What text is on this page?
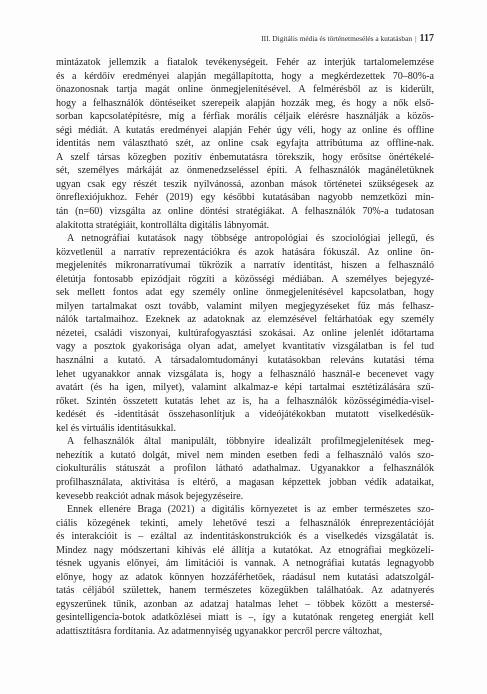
III. Digitális média és történetmesélés a kutatásban | 117
mintázatok jellemzik a fiatalok tevékenységeit. Fehér az interjúk tartalomelemzése
és a kérdőív eredményei alapján megállapította, hogy a megkérdezettek 70–80%-a
önazonosnak tartja magát online önmegjelenítésével. A felmérésből az is kiderült,
hogy a felhasználók döntéseiket szerepeik alapján hozzák meg, és hogy a nők első-
sorban kapcsolatépítésre, míg a férfiak morális céljaik elérésre használják a közös-
ségi médiát. A kutatás eredményei alapján Fehér úgy véli, hogy az online és offline
identitás nem választható szét, az online csak egyfajta attribútuma az offline-nak.
A szelf társas közegben pozitív énbemutatásra törekszik, hogy erősítse önértékelé-
sét, személyes márkáját az önmenedzseléssel építi. A felhasználók magánéletüknek
ugyan csak egy részét teszik nyilvánossá, azonban mások történetei szükségesek az
önreflexiójukhoz. Fehér (2019) egy későbbi kutatásában nagyobb nemzetközi min-
tán (n=60) vizsgálta az online döntési stratégiákat. A felhasználók 70%-a tudatosan
alakította stratégiáit, kontrollálta digitális lábnyomát.
A netnográfiai kutatások nagy többsége antropológiai és szociológiai jellegű, és
közvetlenül a narratív reprezentációkra és azok hatására fókuszál. Az online ön-
megjelenítés mikronarratívumai tükrözik a narratív identitást, hiszen a felhasználó
életútja fontosabb epizódjait rögzíti a közösségi médiában. A személyes bejegyzé-
sek mellett fontos adat egy személy online önmegjelenítésével kapcsolatban, hogy
milyen tartalmakat oszt tovább, valamint milyen megjegyzéseket fűz más felhasz-
nálók tartalmaihoz. Ezeknek az adatoknak az elemzésével feltárhatóak egy személy
nézetei, családi viszonyai, kultúrafogyasztási szokásai. Az online jelenlét időtartama
vagy a posztok gyakorisága olyan adat, amelyet kvantitatív vizsgálatban is fel tud
használni a kutató. A társadalomtudományi kutatásokban releváns kutatási téma
lehet ugyanakkor annak vizsgálata is, hogy a felhasználó használ-e becenevet vagy
avatárt (és ha igen, milyet), valamint alkalmaz-e képi tartalmai esztétizálására szű-
rőket. Szintén összetett kutatás lehet az is, ha a felhasználók közösségimédia-visel-
kedését és -identitását összehasonlítjuk a videójátékokban mutatott viselkedésük-
kel és virtuális identitásukkal.
A felhasználók által manipulált, többnyire idealizált profilmegjelenítések meg-
nehezítik a kutató dolgát, mivel nem minden esetben fedi a felhasználó valós szo-
ciokulturális státuszát a profilon látható adathalmaz. Ugyanakkor a felhasználók
profilhasználata, aktivitása is eltérő, a magasan képzettek jobban védik adataikat,
kevesebb reakciót adnak mások bejegyzéseire.
Ennek ellenére Braga (2021) a digitális környezetet is az ember természetes szo-
ciális közegének tekinti, amely lehetővé teszi a felhasználók énreprezentációját
és interakcióit is – ezáltal az indentitáskonstrukciók és a viselkedés vizsgálatát is.
Mindez nagy módszertani kihívás elé állítja a kutatókat. Az etnográfiai megközelí-
tésnek ugyanis előnyei, ám limitációi is vannak. A netnográfiai kutatás legnagyobb
előnye, hogy az adatok könnyen hozzáférhetőek, ráadásul nem kutatási adatszolgál-
tatás céljából születtek, hanem természetes közegükben találhatóak. Az adatnyerés
egyszerűnek tűnik, azonban az adatzaj hatalmas lehet – többek között a mestersé-
gesintelligencia-botok adatközlései miatt is –, így a kutatónak rengeteg energiát kell
adattisztításra fordítania. Az adatmennyiség ugyanakkor percről percre változhat,
